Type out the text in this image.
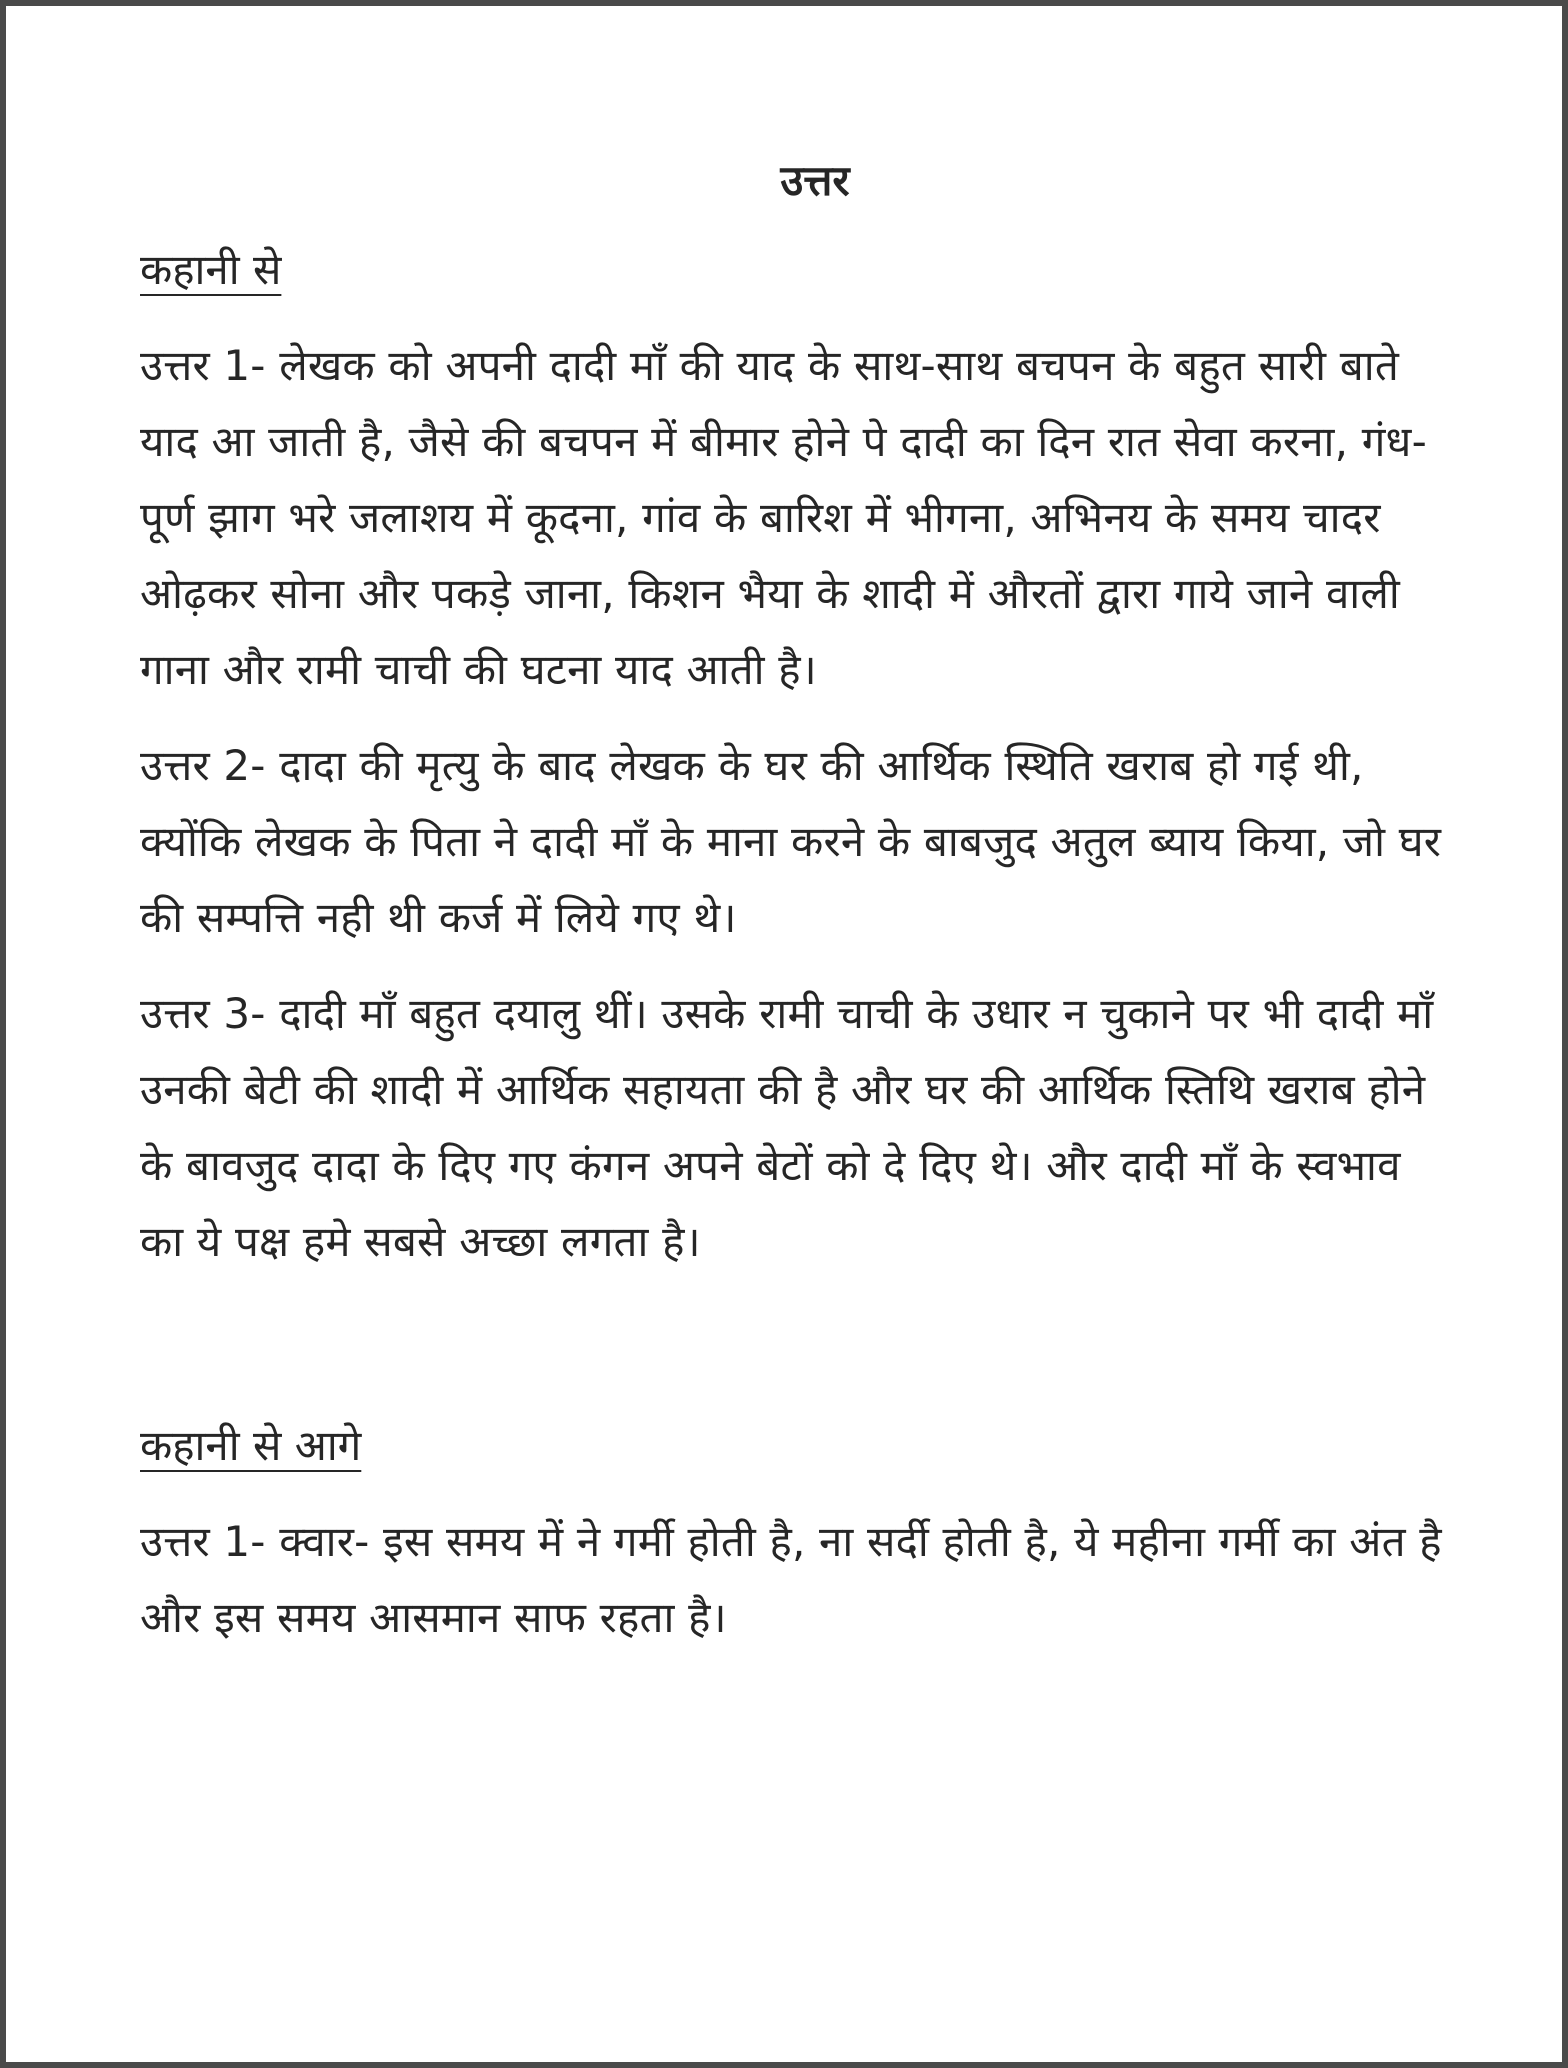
उत्तर
कहानी से

उत्तर 1- लेखक को अपनी दादी माँ की याद के साथ-साथ बचपन के बहुत सारी बाते याद आ जाती है, जैसे की बचपन में बीमार होने पे दादी का दिन रात सेवा करना, गंध-पूर्ण झाग भरे जलाशय में कूदना, गांव के बारिश में भीगना, अभिनय के समय चादर ओढ़कर सोना और पकड़े जाना, किशन भैया के शादी में औरतों द्वारा गाये जाने वाली गाना और रामी चाची की घटना याद आती है।

उत्तर 2- दादा की मृत्यु के बाद लेखक के घर की आर्थिक स्थिति खराब हो गई थी, क्योंकि लेखक के पिता ने दादी माँ के माना करने के बाबजुद अतुल ब्याय किया, जो घर की सम्पत्ति नही थी कर्ज में लिये गए थे।

उत्तर 3- दादी माँ बहुत दयालु थीं। उसके रामी चाची के उधार न चुकाने पर भी दादी माँ उनकी बेटी की शादी में आर्थिक सहायता की है और घर की आर्थिक स्तिथि खराब होने के बावजुद दादा के दिए गए कंगन अपने बेटों को दे दिए थे। और दादी माँ के स्वभाव का ये पक्ष हमे सबसे अच्छा लगता है।

कहानी से आगे

उत्तर 1- क्वार- इस समय में ने गर्मी होती है, ना सर्दी होती है, ये महीना गर्मी का अंत है और इस समय आसमान साफ रहता है।
